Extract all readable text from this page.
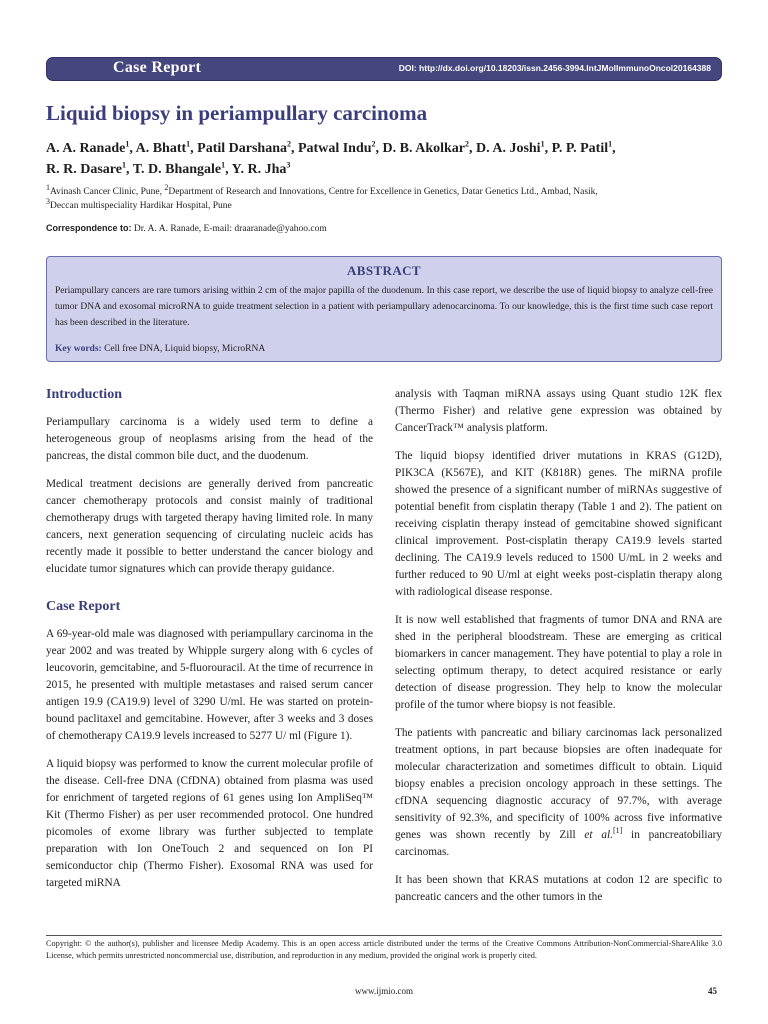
Case Report	DOI: http://dx.doi.org/10.18203/issn.2456-3994.IntJMolImmunoOncol20164388
Liquid biopsy in periampullary carcinoma
A. A. Ranade$^1$, A. Bhatt$^1$, Patil Darshana$^2$, Patwal Indu$^2$, D. B. Akolkar$^2$, D. A. Joshi$^1$, P. P. Patil$^1$,
R. R. Dasare$^1$, T. D. Bhangale$^1$, Y. R. Jha$^3$
$^1$Avinash Cancer Clinic, Pune, $^2$Department of Research and Innovations, Centre for Excellence in Genetics, Datar Genetics Ltd., Ambad, Nasik,
$^3$Deccan multispeciality Hardikar Hospital, Pune
Correspondence to: Dr. A. A. Ranade, E-mail: draaranade@yahoo.com
ABSTRACT

Periampullary cancers are rare tumors arising within 2 cm of the major papilla of the duodenum. In this case report, we describe the use of liquid biopsy to analyze cell-free tumor DNA and exosomal microRNA to guide treatment selection in a patient with periampullary adenocarcinoma. To our knowledge, this is the first time such case report has been described in the literature.

Key words: Cell free DNA, Liquid biopsy, MicroRNA

Introduction

Periampullary carcinoma is a widely used term to define a heterogeneous group of neoplasms arising from the head of the pancreas, the distal common bile duct, and the duodenum.

Medical treatment decisions are generally derived from pancreatic cancer chemotherapy protocols and consist mainly of traditional chemotherapy drugs with targeted therapy having limited role. In many cancers, next generation sequencing of circulating nucleic acids has recently made it possible to better understand the cancer biology and elucidate tumor signatures which can provide therapy guidance.

Case Report

A 69-year-old male was diagnosed with periampullary carcinoma in the year 2002 and was treated by Whipple surgery along with 6 cycles of leucovorin, gemcitabine, and 5-fluorouracil. At the time of recurrence in 2015, he presented with multiple metastases and raised serum cancer antigen 19.9 (CA19.9) level of 3290 U/ml. He was started on protein-bound paclitaxel and gemcitabine. However, after 3 weeks and 3 doses of chemotherapy CA19.9 levels increased to 5277 U/ ml (Figure 1).

A liquid biopsy was performed to know the current molecular profile of the disease. Cell-free DNA (CfDNA) obtained from plasma was used for enrichment of targeted regions of 61 genes using Ion AmpliSeq™ Kit (Thermo Fisher) as per user recommended protocol. One hundred picomoles of exome library was further subjected to template preparation with Ion OneTouch 2 and sequenced on Ion PI semiconductor chip (Thermo Fisher). Exosomal RNA was used for targeted miRNA

analysis with Taqman miRNA assays using Quant studio 12K flex (Thermo Fisher) and relative gene expression was obtained by CancerTrack™ analysis platform.

The liquid biopsy identified driver mutations in KRAS (G12D), PIK3CA (K567E), and KIT (K818R) genes. The miRNA profile showed the presence of a significant number of miRNAs suggestive of potential benefit from cisplatin therapy (Table 1 and 2). The patient on receiving cisplatin therapy instead of gemcitabine showed significant clinical improvement. Post-cisplatin therapy CA19.9 levels started declining. The CA19.9 levels reduced to 1500 U/mL in 2 weeks and further reduced to 90 U/ml at eight weeks post-cisplatin therapy along with radiological disease response.

It is now well established that fragments of tumor DNA and RNA are shed in the peripheral bloodstream. These are emerging as critical biomarkers in cancer management. They have potential to play a role in selecting optimum therapy, to detect acquired resistance or early detection of disease progression. They help to know the molecular profile of the tumor where biopsy is not feasible.

The patients with pancreatic and biliary carcinomas lack personalized treatment options, in part because biopsies are often inadequate for molecular characterization and sometimes difficult to obtain. Liquid biopsy enables a precision oncology approach in these settings. The cfDNA sequencing diagnostic accuracy of 97.7%, with average sensitivity of 92.3%, and specificity of 100% across five informative genes was shown recently by Zill et al.[1] in pancreatobiliary carcinomas.

It has been shown that KRAS mutations at codon 12 are specific to pancreatic cancers and the other tumors in the

Copyright: © the author(s), publisher and licensee Medip Academy. This is an open access article distributed under the terms of the Creative Commons Attribution-NonCommercial-ShareAlike 3.0 License, which permits unrestricted noncommercial use, distribution, and reproduction in any medium, provided the original work is properly cited.
www.ijmio.com	45
